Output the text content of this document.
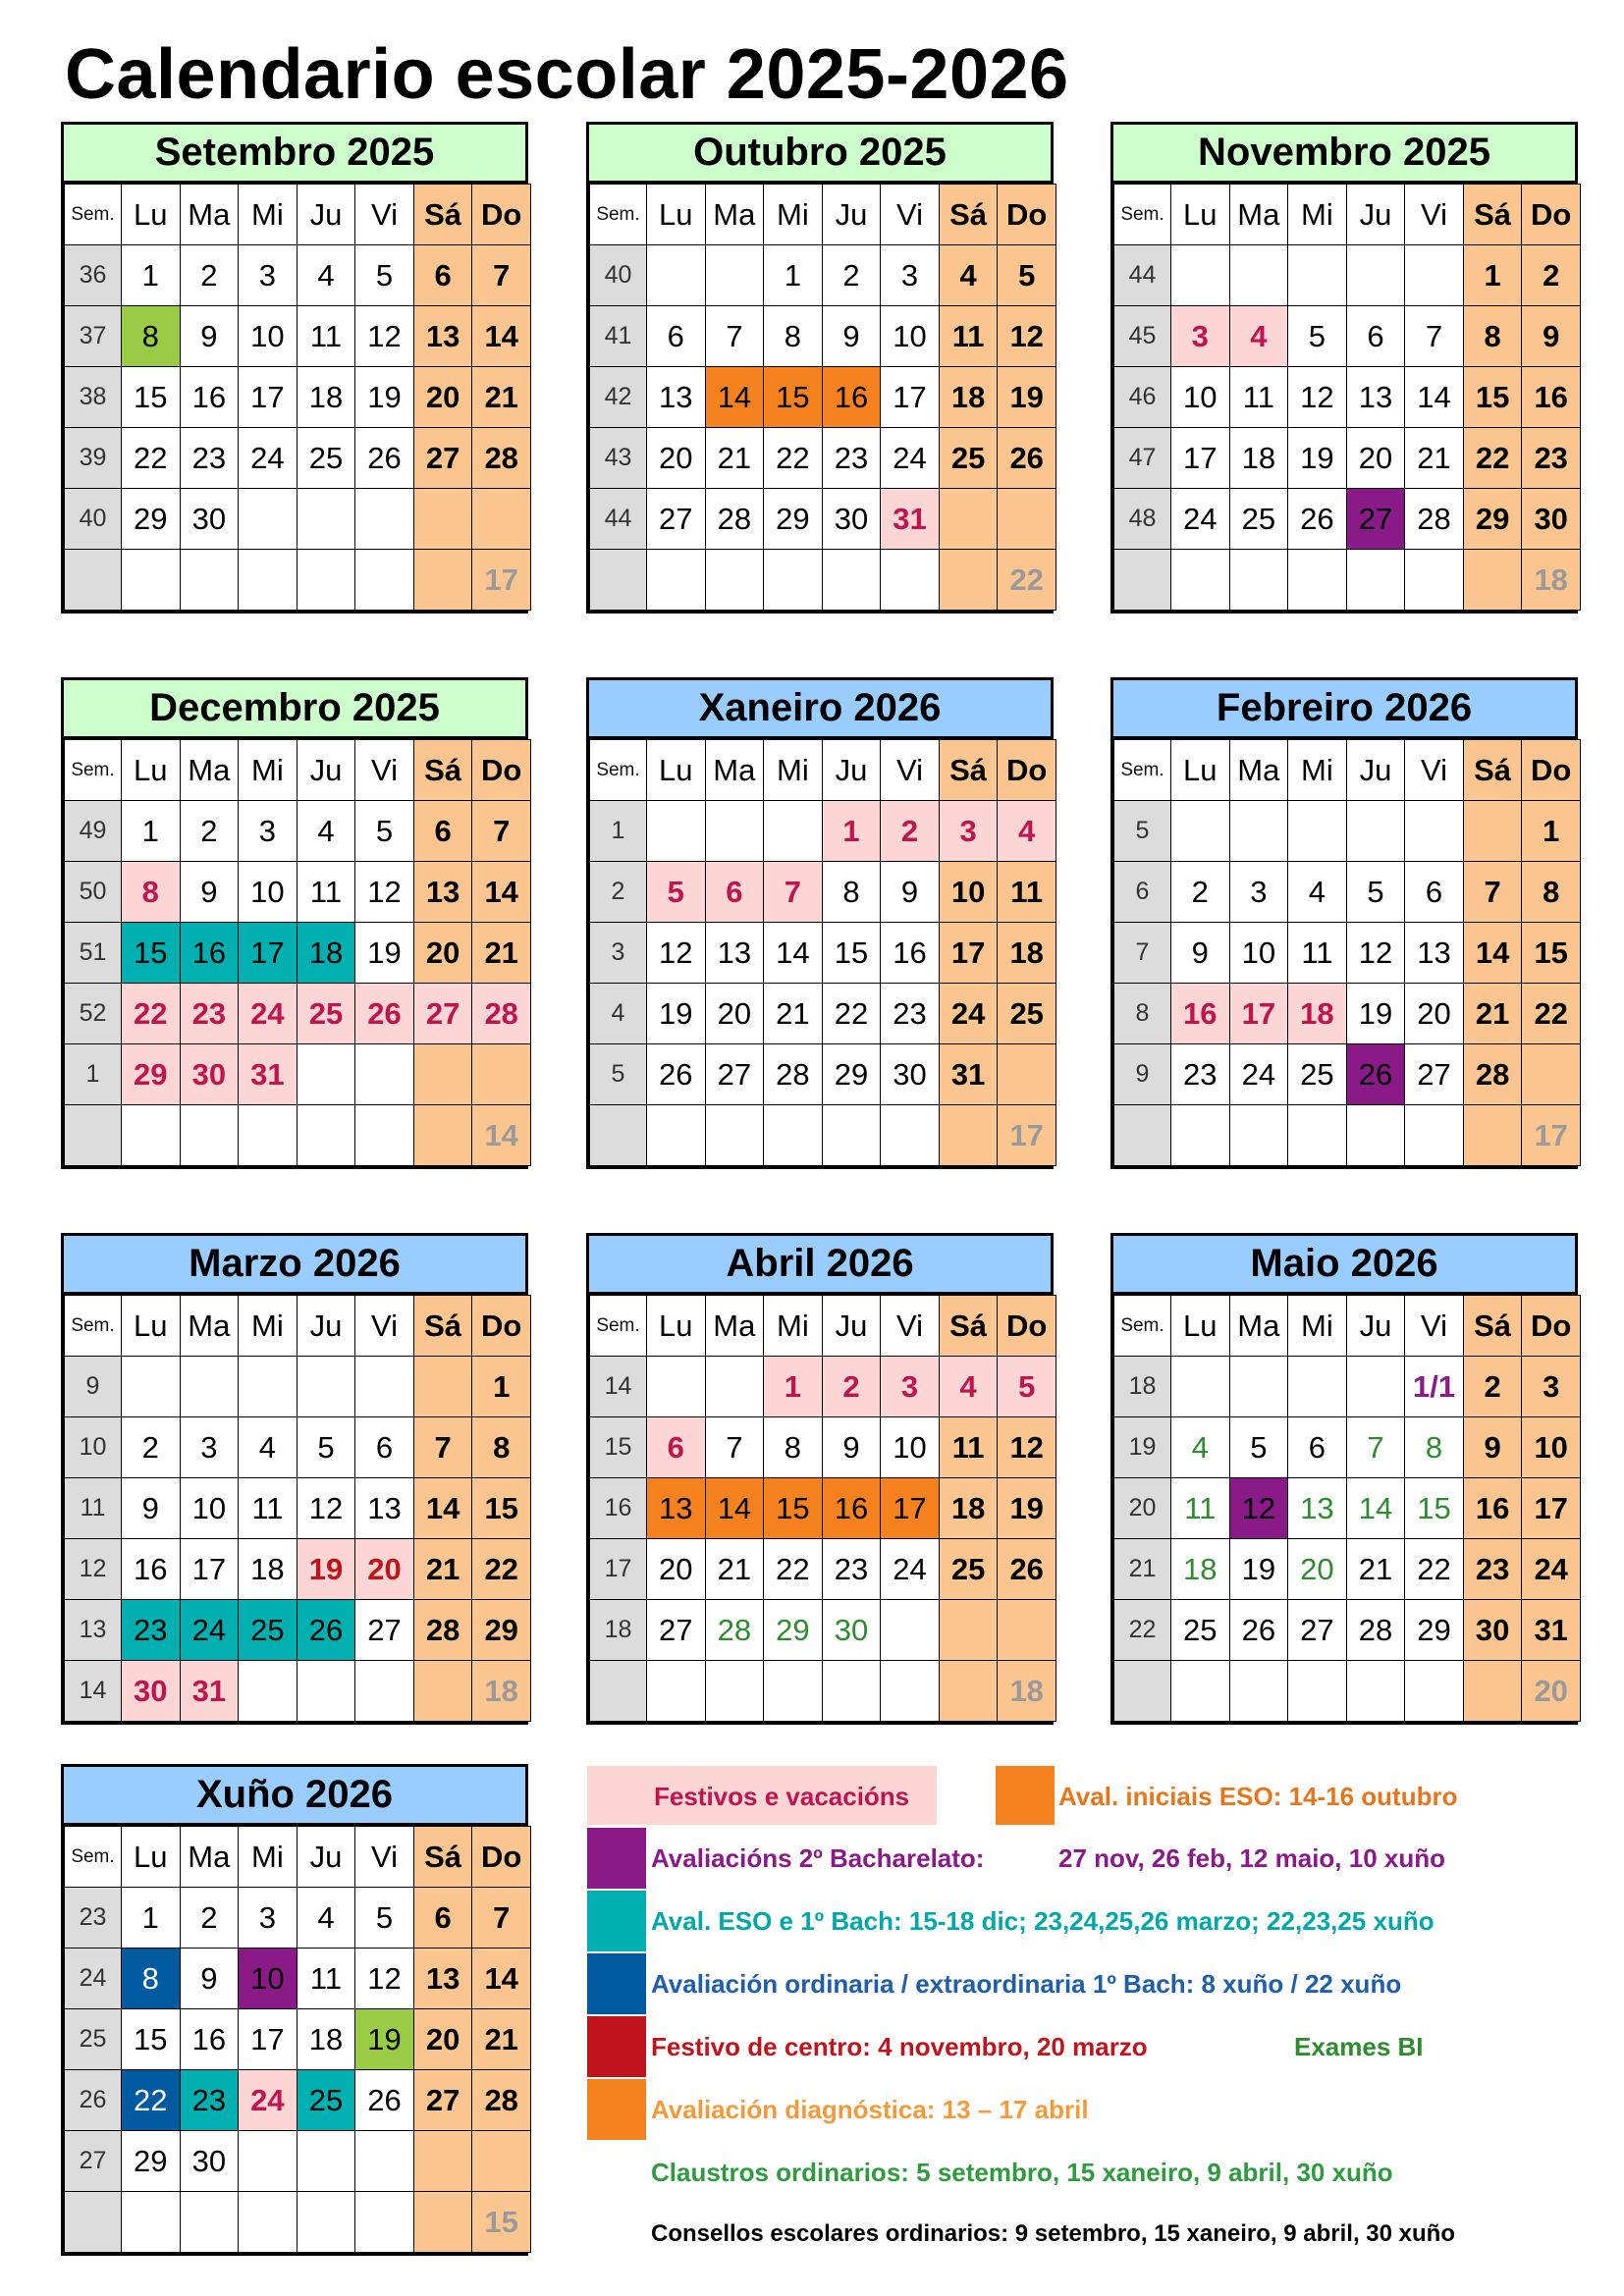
Calendario escolar 2025-2026
Setembro 2025
Sem.	Lu	Ma	Mi	Ju	Vi	Sá	Do
36	1	2	3	4	5	6	7
37	8	9	10	11	12	13	14
38	15	16	17	18	19	20	21
39	22	23	24	25	26	27	28
40	29	30					
							17
Outubro 2025
Sem.	Lu	Ma	Mi	Ju	Vi	Sá	Do
40			1	2	3	4	5
41	6	7	8	9	10	11	12
42	13	14	15	16	17	18	19
43	20	21	22	23	24	25	26
44	27	28	29	30	31		
							22
Novembro 2025
Sem.	Lu	Ma	Mi	Ju	Vi	Sá	Do
44						1	2
45	3	4	5	6	7	8	9
46	10	11	12	13	14	15	16
47	17	18	19	20	21	22	23
48	24	25	26	27	28	29	30
							18
Decembro 2025
Sem.	Lu	Ma	Mi	Ju	Vi	Sá	Do
49	1	2	3	4	5	6	7
50	8	9	10	11	12	13	14
51	15	16	17	18	19	20	21
52	22	23	24	25	26	27	28
1	29	30	31				
							14
Xaneiro 2026
Sem.	Lu	Ma	Mi	Ju	Vi	Sá	Do
1				1	2	3	4
2	5	6	7	8	9	10	11
3	12	13	14	15	16	17	18
4	19	20	21	22	23	24	25
5	26	27	28	29	30	31	
							17
Febreiro 2026
Sem.	Lu	Ma	Mi	Ju	Vi	Sá	Do
5							1
6	2	3	4	5	6	7	8
7	9	10	11	12	13	14	15
8	16	17	18	19	20	21	22
9	23	24	25	26	27	28	
							17
Marzo 2026
Sem.	Lu	Ma	Mi	Ju	Vi	Sá	Do
9							1
10	2	3	4	5	6	7	8
11	9	10	11	12	13	14	15
12	16	17	18	19	20	21	22
13	23	24	25	26	27	28	29
14	30	31					18
Abril 2026
Sem.	Lu	Ma	Mi	Ju	Vi	Sá	Do
14			1	2	3	4	5
15	6	7	8	9	10	11	12
16	13	14	15	16	17	18	19
17	20	21	22	23	24	25	26
18	27	28	29	30			
							18
Maio 2026
Sem.	Lu	Ma	Mi	Ju	Vi	Sá	Do
18					1/1	2	3
19	4	5	6	7	8	9	10
20	11	12	13	14	15	16	17
21	18	19	20	21	22	23	24
22	25	26	27	28	29	30	31
							20
Xuño 2026
Sem.	Lu	Ma	Mi	Ju	Vi	Sá	Do
23	1	2	3	4	5	6	7
24	8	9	10	11	12	13	14
25	15	16	17	18	19	20	21
26	22	23	24	25	26	27	28
27	29	30					
							15
Festivos e vacacións	Aval. iniciais ESO: 14-16 outubro
Avaliacións 2º Bacharelato:	27 nov, 26 feb, 12 maio, 10 xuño
Aval. ESO e 1º Bach: 15-18 dic; 23,24,25,26 marzo; 22,23,25 xuño
Avaliación ordinaria / extraordinaria 1º Bach: 8 xuño / 22 xuño
Festivo de centro: 4 novembro, 20 marzo	Exames BI
Avaliación diagnóstica: 13 – 17 abril
Claustros ordinarios: 5 setembro, 15 xaneiro, 9 abril, 30 xuño
Consellos escolares ordinarios: 9 setembro, 15 xaneiro, 9 abril, 30 xuño
